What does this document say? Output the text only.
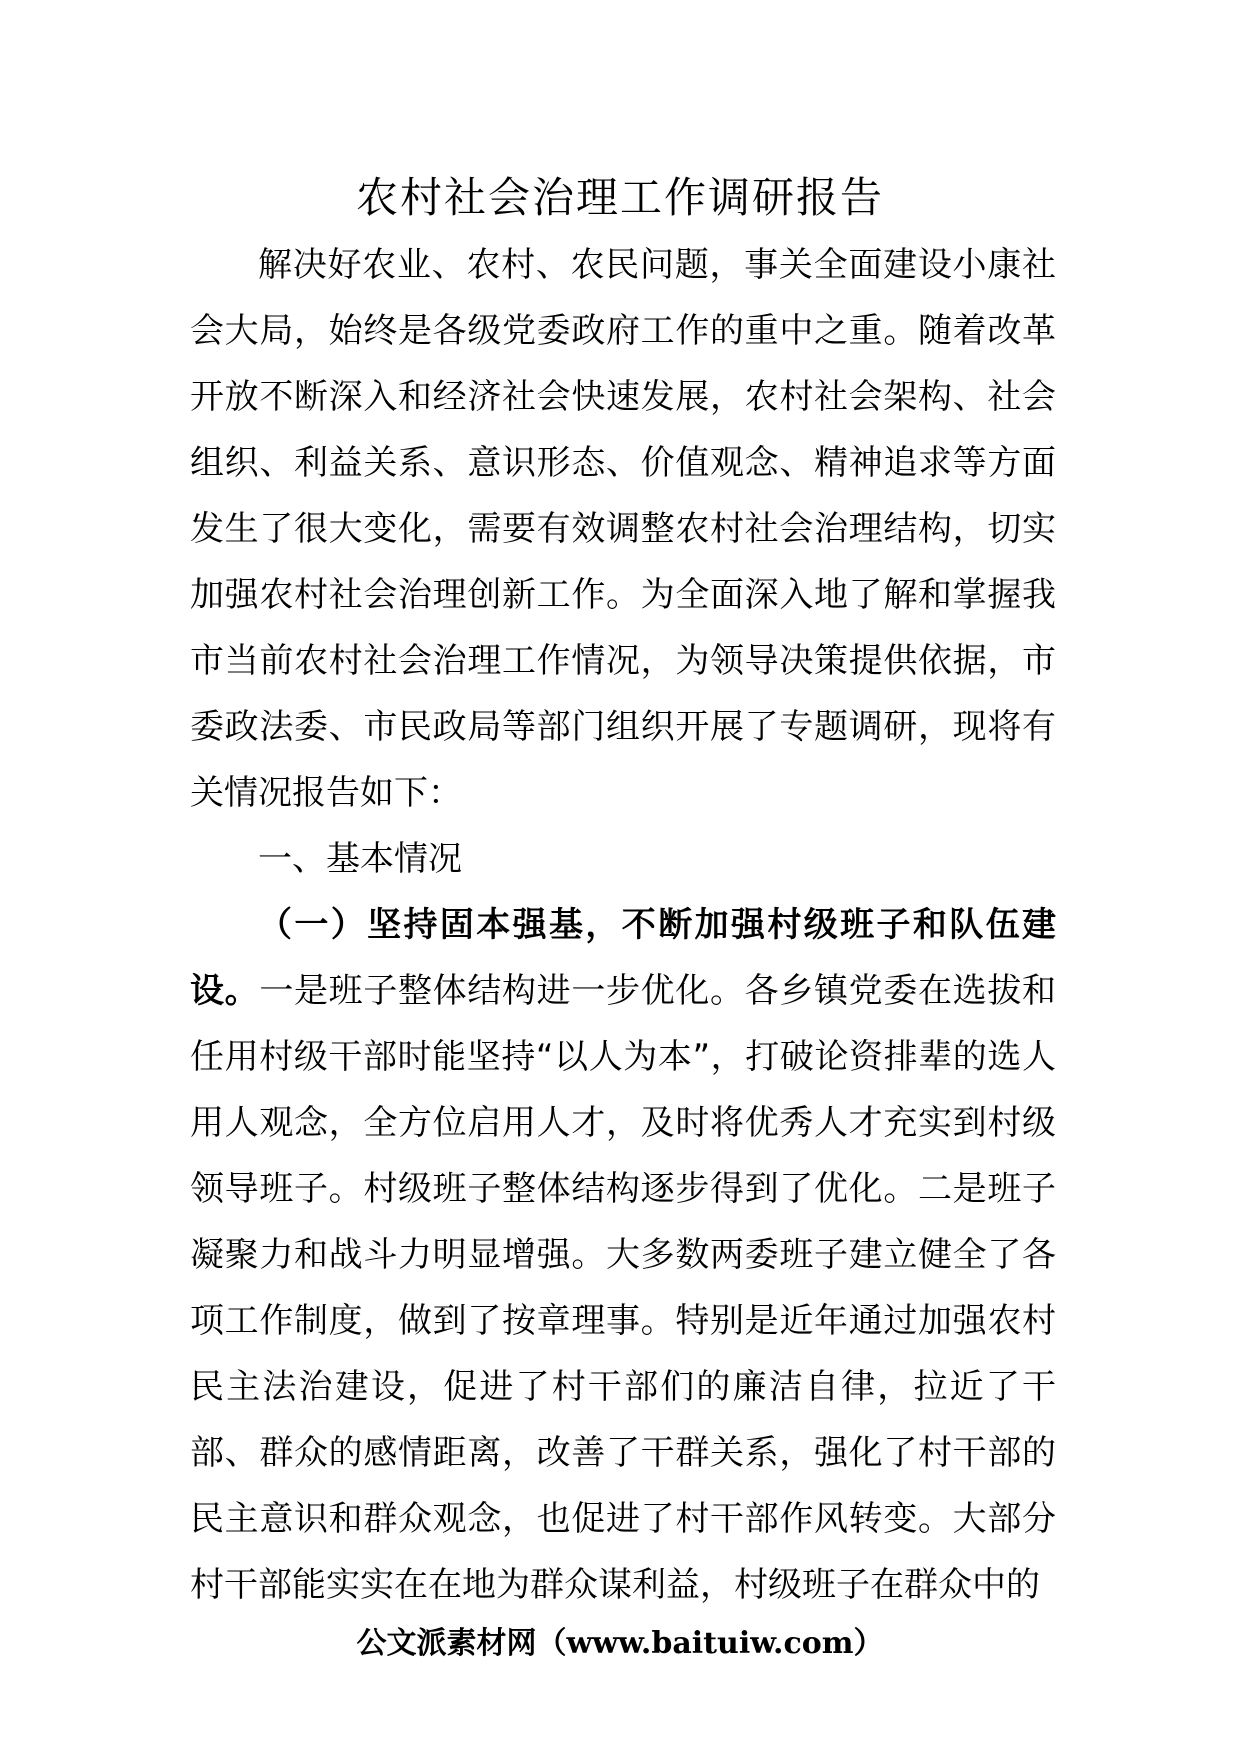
农村社会治理工作调研报告

解决好农业、农村、农民问题，事关全面建设小康社会大局，始终是各级党委政府工作的重中之重。随着改革开放不断深入和经济社会快速发展，农村社会架构、社会组织、利益关系、意识形态、价值观念、精神追求等方面发生了很大变化，需要有效调整农村社会治理结构，切实加强农村社会治理创新工作。为全面深入地了解和掌握我市当前农村社会治理工作情况，为领导决策提供依据，市委政法委、市民政局等部门组织开展了专题调研，现将有关情况报告如下：

一、基本情况

（一）坚持固本强基，不断加强村级班子和队伍建设。一是班子整体结构进一步优化。各乡镇党委在选拔和任用村级干部时能坚持“以人为本”，打破论资排辈的选人用人观念，全方位启用人才，及时将优秀人才充实到村级领导班子。村级班子整体结构逐步得到了优化。二是班子凝聚力和战斗力明显增强。大多数两委班子建立健全了各项工作制度，做到了按章理事。特别是近年通过加强农村民主法治建设，促进了村干部们的廉洁自律，拉近了干部、群众的感情距离，改善了干群关系，强化了村干部的民主意识和群众观念，也促进了村干部作风转变。大部分村干部能实实在在地为群众谋利益，村级班子在群众中的

公文派素材网（www.baituiw.com）
